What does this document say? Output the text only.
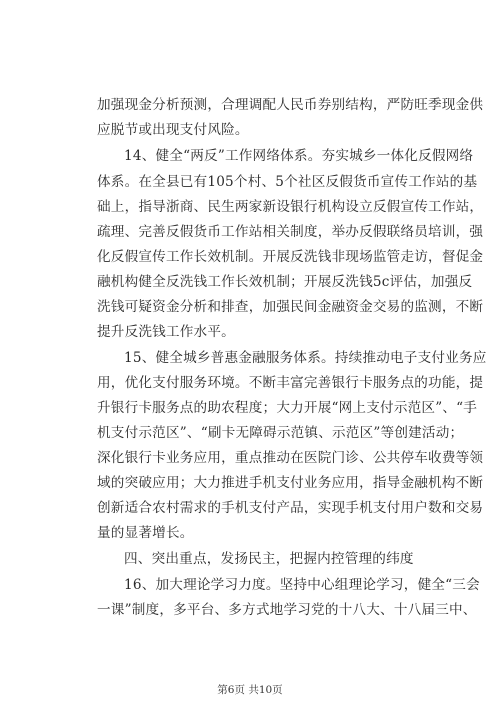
加强现金分析预测，合理调配人民币券别结构，严防旺季现金供
应脱节或出现支付风险。
14、健全“两反”工作网络体系。夯实城乡一体化反假网络
体系。在全县已有105个村、5个社区反假货币宣传工作站的基
础上，指导浙商、民生两家新设银行机构设立反假宣传工作站，
疏理、完善反假货币工作站相关制度，举办反假联络员培训，强
化反假宣传工作长效机制。开展反洗钱非现场监管走访，督促金
融机构健全反洗钱工作长效机制；开展反洗钱5c评估，加强反
洗钱可疑资金分析和排查，加强民间金融资金交易的监测，不断
提升反洗钱工作水平。
15、健全城乡普惠金融服务体系。持续推动电子支付业务应
用，优化支付服务环境。不断丰富完善银行卡服务点的功能，提
升银行卡服务点的助农程度；大力开展“网上支付示范区”、“手
机支付示范区”、“刷卡无障碍示范镇、示范区”等创建活动；
深化银行卡业务应用，重点推动在医院门诊、公共停车收费等领
域的突破应用；大力推进手机支付业务应用，指导金融机构不断
创新适合农村需求的手机支付产品，实现手机支付用户数和交易
量的显著增长。
四、突出重点，发扬民主，把握内控管理的纬度
16、加大理论学习力度。坚持中心组理论学习，健全“三会
一课”制度，多平台、多方式地学习党的十八大、十八届三中、
第6页 共10页
